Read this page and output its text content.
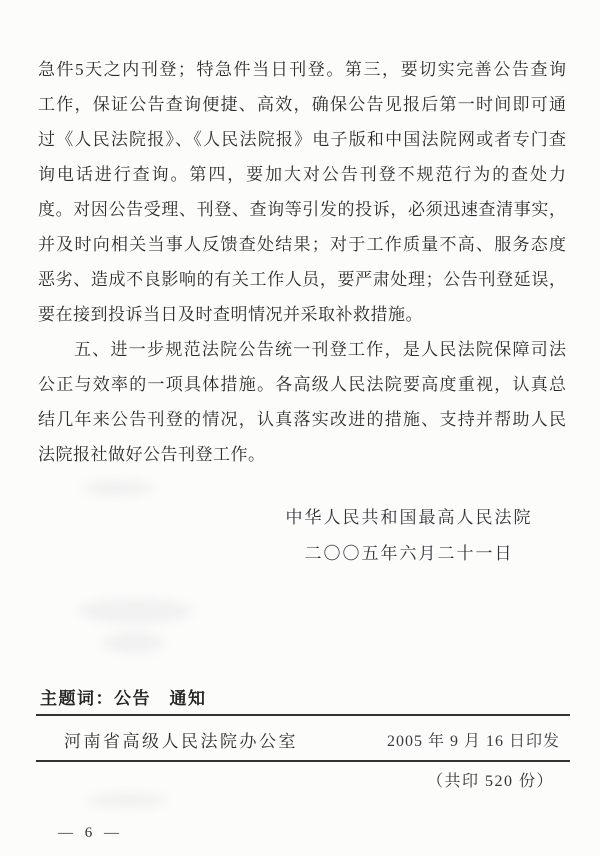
急件5天之内刊登；特急件当日刊登。第三，要切实完善公告查询
工作，保证公告查询便捷、高效，确保公告见报后第一时间即可通
过《人民法院报》、《人民法院报》电子版和中国法院网或者专门查
询电话进行查询。第四，要加大对公告刊登不规范行为的查处力
度。对因公告受理、刊登、查询等引发的投诉，必须迅速查清事实，
并及时向相关当事人反馈查处结果；对于工作质量不高、服务态度
恶劣、造成不良影响的有关工作人员，要严肃处理；公告刊登延误，
要在接到投诉当日及时查明情况并采取补救措施。
五、进一步规范法院公告统一刊登工作，是人民法院保障司法
公正与效率的一项具体措施。各高级人民法院要高度重视，认真总
结几年来公告刊登的情况，认真落实改进的措施、支持并帮助人民
法院报社做好公告刊登工作。
中华人民共和国最高人民法院
二〇〇五年六月二十一日
主题词：公告　通知
河南省高级人民法院办公室	2005 年 9 月 16 日印发
（共印 520 份）
— 6 —
